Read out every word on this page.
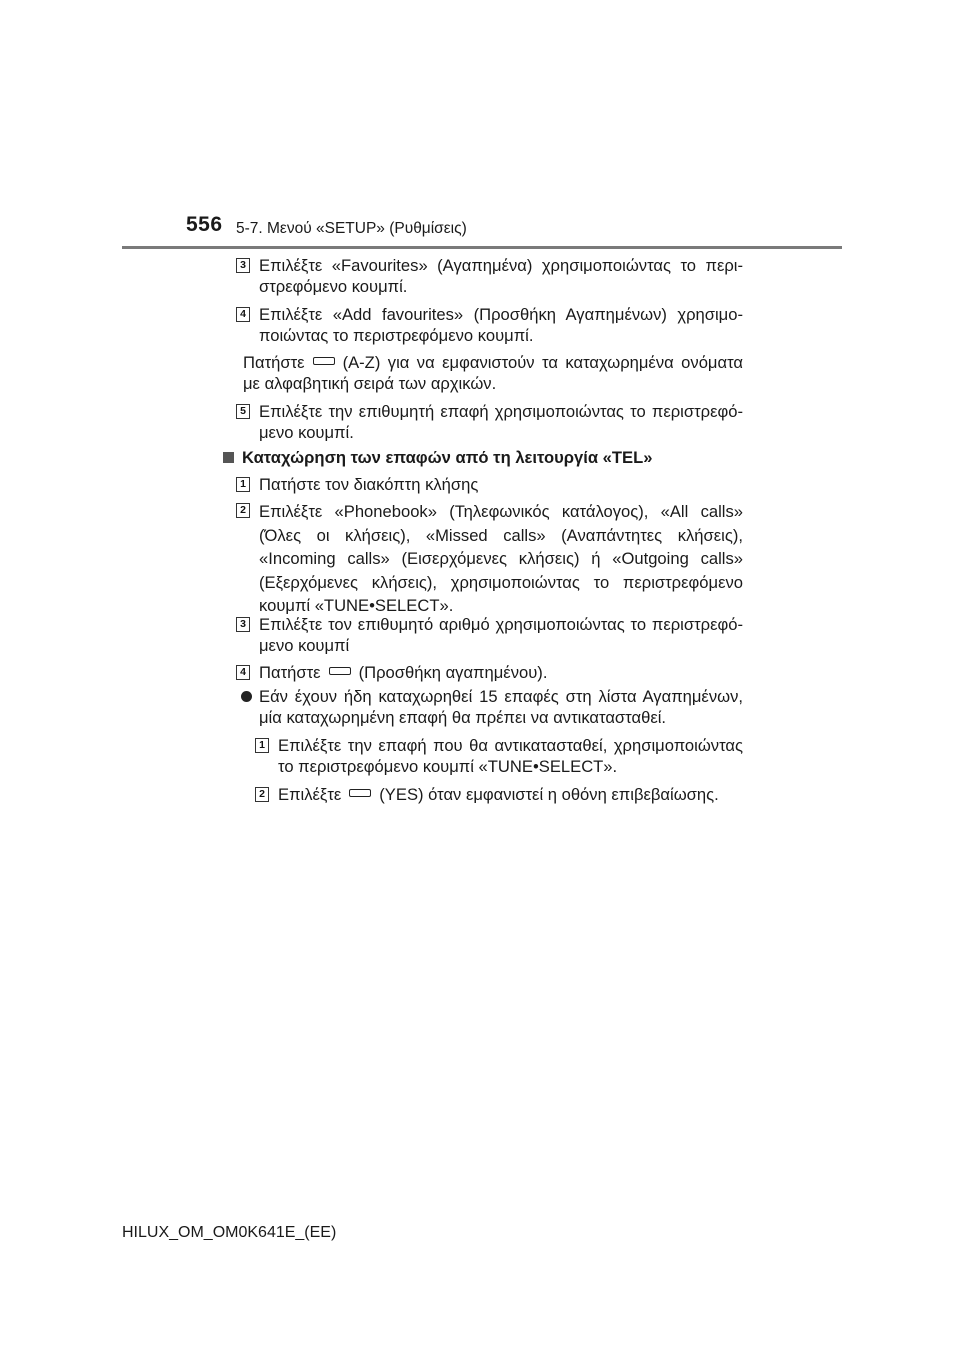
556 5-7. Μενού «SETUP» (Ρυθμίσεις)
3 Επιλέξτε «Favourites» (Αγαπημένα) χρησιμοποιώντας το περι-στρεφόμενο κουμπί.

4 Επιλέξτε «Add favourites» (Προσθήκη Αγαπημένων) χρησιμο-ποιώντας το περιστρεφόμενο κουμπί.

Πατήστε (A-Z) για να εμφανιστούν τα καταχωρημένα ονόματα με αλφαβητική σειρά των αρχικών.

5 Επιλέξτε την επιθυμητή επαφή χρησιμοποιώντας το περιστρεφό-μενο κουμπί.

Καταχώρηση των επαφών από τη λειτουργία «TEL»
1 Πατήστε τον διακόπτη κλήσης

2 Επιλέξτε «Phonebook» (Τηλεφωνικός κατάλογος), «All calls» (Όλες οι κλήσεις), «Missed calls» (Αναπάντητες κλήσεις), «Incoming calls» (Εισερχόμενες κλήσεις) ή «Outgoing calls» (Εξερχόμενες κλήσεις), χρησιμοποιώντας το περιστρεφόμενο κουμπί «TUNE•SELECT».

3 Επιλέξτε τον επιθυμητό αριθμό χρησιμοποιώντας το περιστρεφό-μενο κουμπί

4 Πατήστε (Προσθήκη αγαπημένου).

Εάν έχουν ήδη καταχωρηθεί 15 επαφές στη λίστα Αγαπημένων, μία καταχωρημένη επαφή θα πρέπει να αντικατασταθεί.

1 Επιλέξτε την επαφή που θα αντικατασταθεί, χρησιμοποιώντας το περιστρεφόμενο κουμπί «TUNE•SELECT».

2 Επιλέξτε (YES) όταν εμφανιστεί η οθόνη επιβεβαίωσης.

HILUX_OM_OM0K641E_(EE)
